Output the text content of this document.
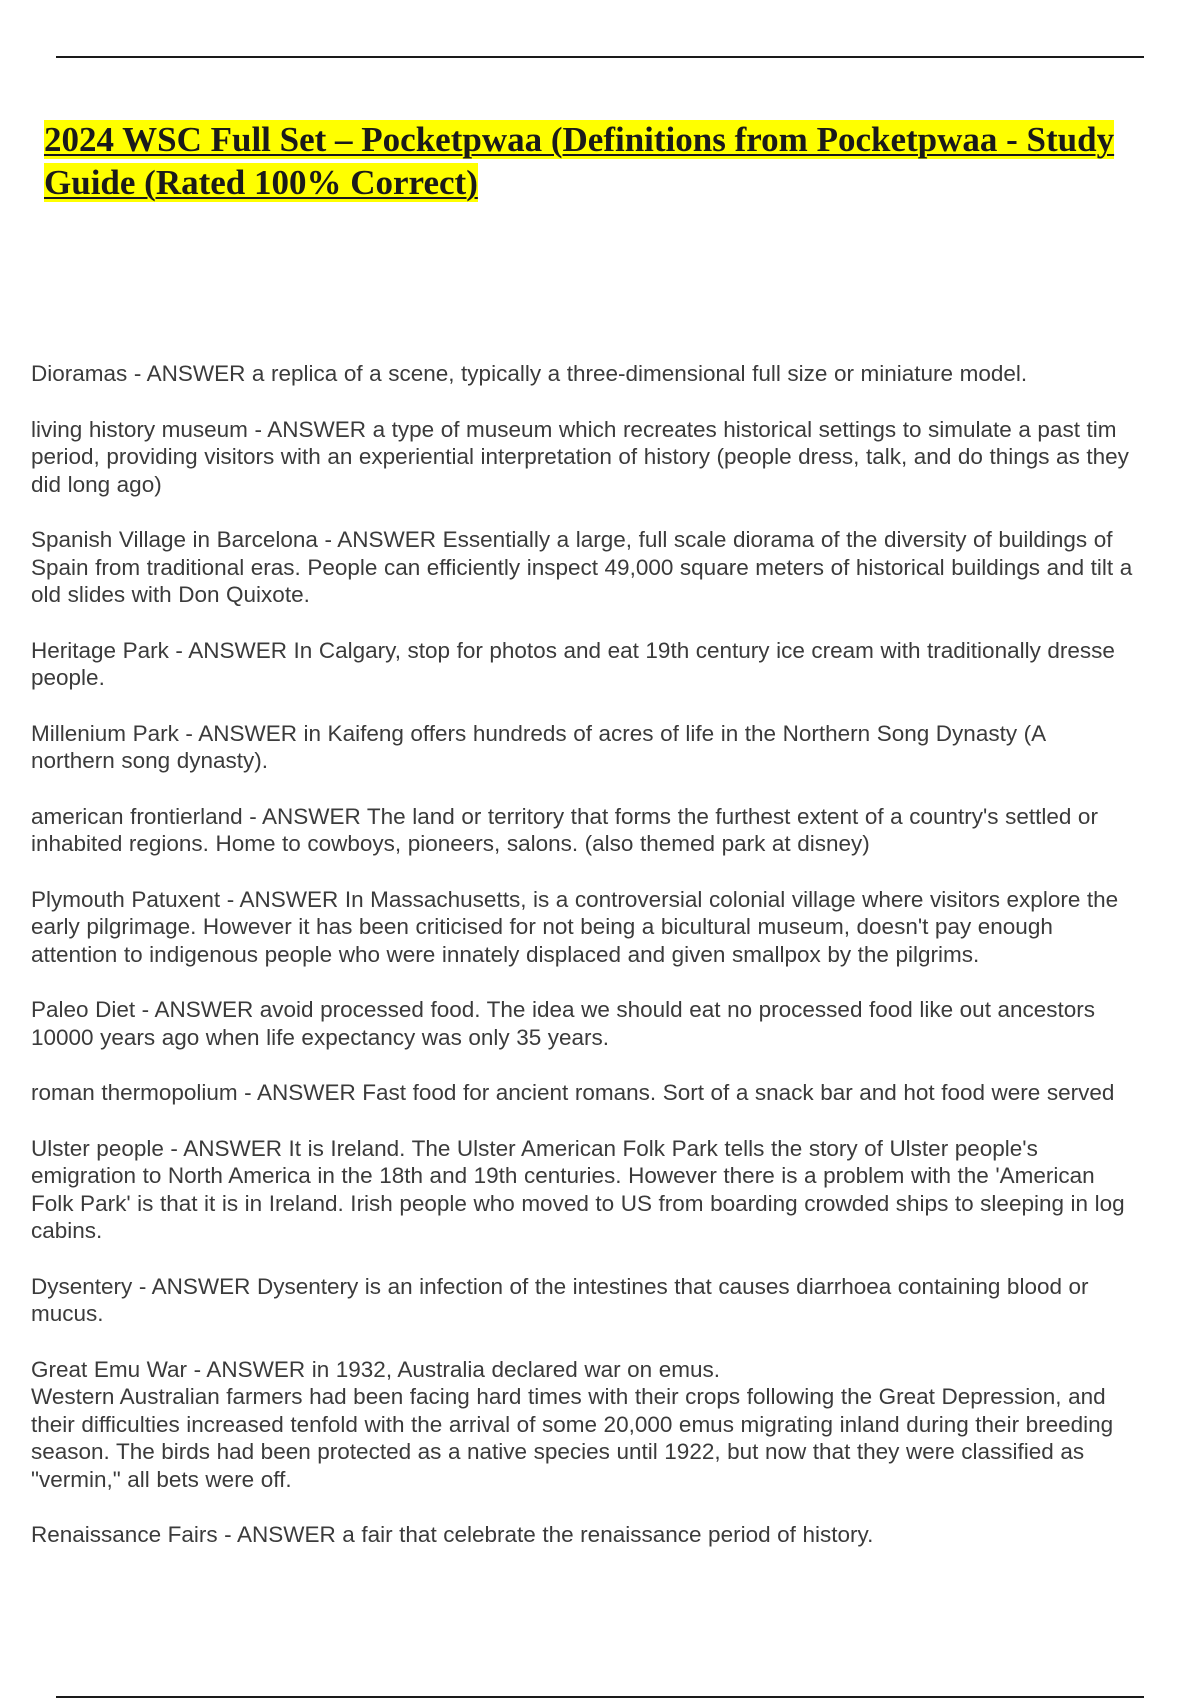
2024 WSC Full Set – Pocketpwaa (Definitions from Pocketpwaa - Study
Guide (Rated 100% Correct)

Dioramas - ANSWER a replica of a scene, typically a three-dimensional full size or miniature model.

living history museum - ANSWER a type of museum which recreates historical settings to simulate a past tim
period, providing visitors with an experiential interpretation of history (people dress, talk, and do things as they
did long ago)

Spanish Village in Barcelona - ANSWER Essentially a large, full scale diorama of the diversity of buildings of
Spain from traditional eras. People can efficiently inspect 49,000 square meters of historical buildings and tilt a
old slides with Don Quixote.

Heritage Park - ANSWER In Calgary, stop for photos and eat 19th century ice cream with traditionally dresse
people.

Millenium Park - ANSWER in Kaifeng offers hundreds of acres of life in the Northern Song Dynasty (A
northern song dynasty).

american frontierland - ANSWER The land or territory that forms the furthest extent of a country's settled or
inhabited regions. Home to cowboys, pioneers, salons. (also themed park at disney)

Plymouth Patuxent - ANSWER In Massachusetts, is a controversial colonial village where visitors explore the
early pilgrimage. However it has been criticised for not being a bicultural museum, doesn't pay enough
attention to indigenous people who were innately displaced and given smallpox by the pilgrims.

Paleo Diet - ANSWER avoid processed food. The idea we should eat no processed food like out ancestors
10000 years ago when life expectancy was only 35 years.

roman thermopolium - ANSWER Fast food for ancient romans. Sort of a snack bar and hot food were served

Ulster people - ANSWER It is Ireland. The Ulster American Folk Park tells the story of Ulster people's
emigration to North America in the 18th and 19th centuries. However there is a problem with the 'American
Folk Park' is that it is in Ireland. Irish people who moved to US from boarding crowded ships to sleeping in log
cabins.

Dysentery - ANSWER Dysentery is an infection of the intestines that causes diarrhoea containing blood or
mucus.

Great Emu War - ANSWER in 1932, Australia declared war on emus.
Western Australian farmers had been facing hard times with their crops following the Great Depression, and
their difficulties increased tenfold with the arrival of some 20,000 emus migrating inland during their breeding
season. The birds had been protected as a native species until 1922, but now that they were classified as
"vermin," all bets were off.

Renaissance Fairs - ANSWER a fair that celebrate the renaissance period of history.
